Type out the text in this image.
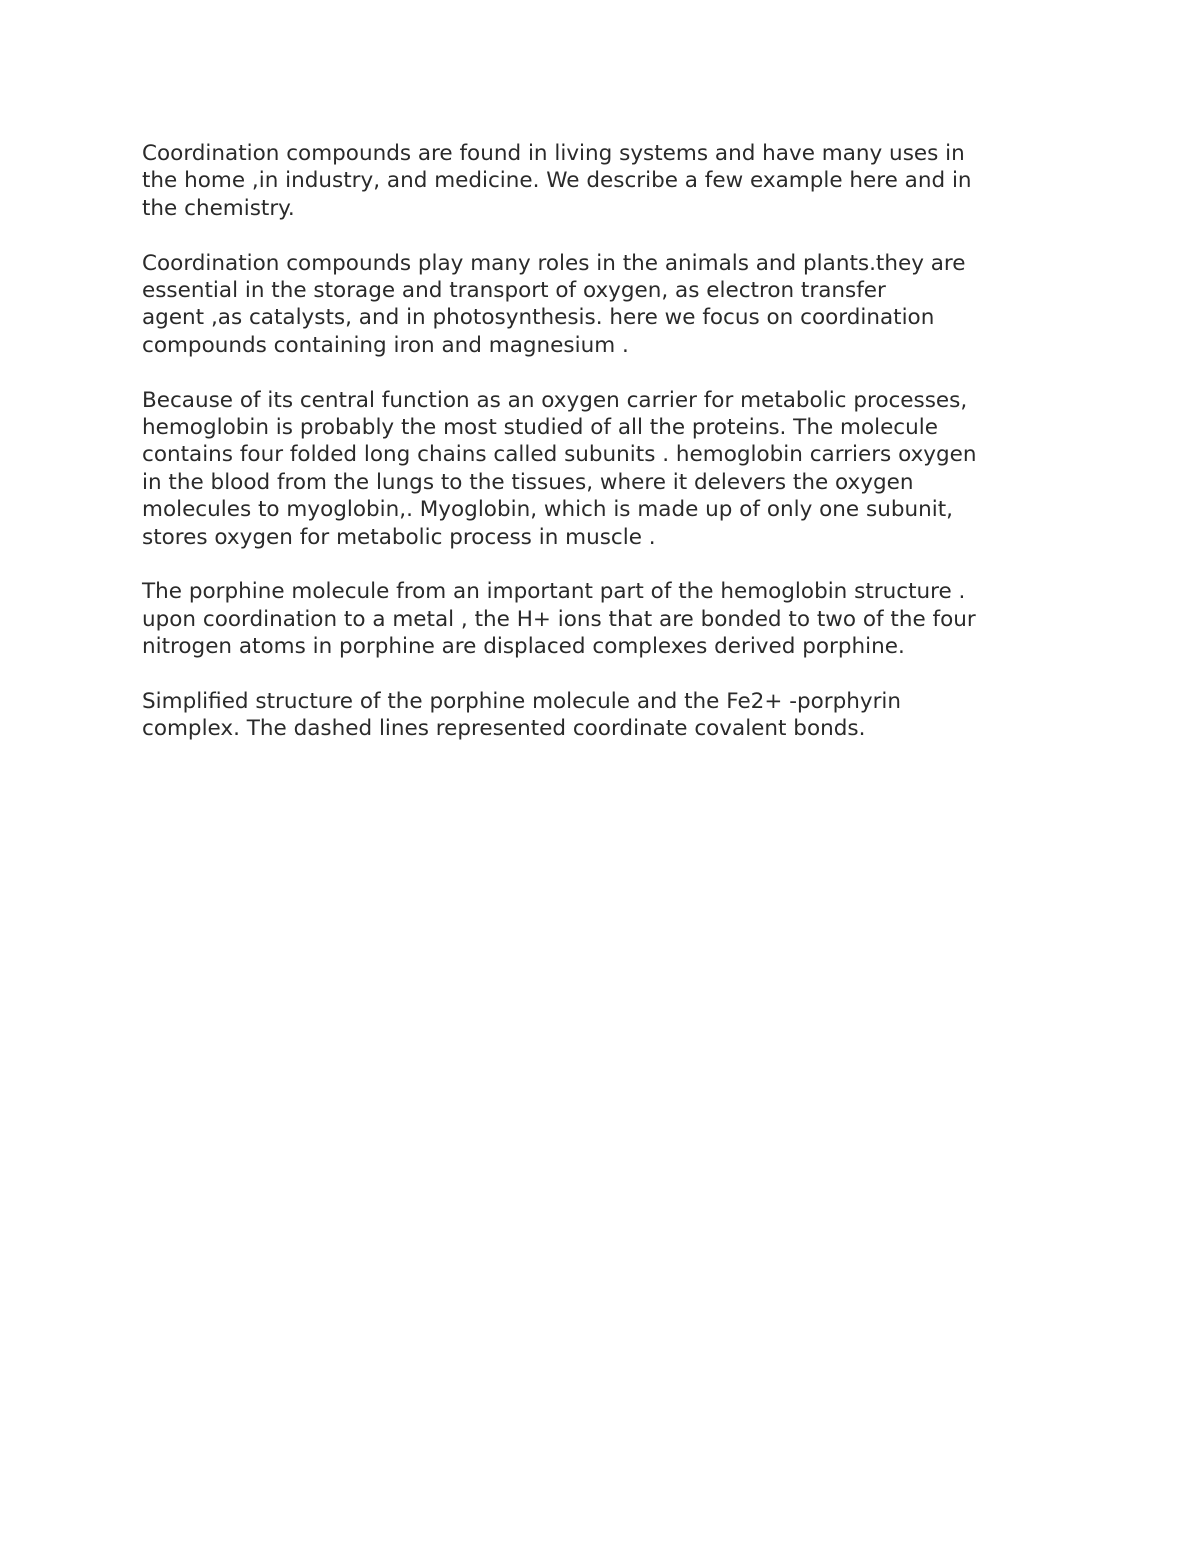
Coordination compounds are found in living systems and have many uses in
the home ,in industry, and medicine. We describe a few example here and in
the chemistry.

Coordination compounds play many roles in the animals and plants.they are
essential in the storage and transport of oxygen, as electron transfer
agent ,as catalysts, and in photosynthesis. here we focus on coordination
compounds containing iron and magnesium .

Because of its central function as an oxygen carrier for metabolic processes,
hemoglobin is probably the most studied of all the proteins. The molecule
contains four folded long chains called subunits . hemoglobin carriers oxygen
in the blood from the lungs to the tissues, where it delevers the oxygen
molecules to myoglobin,. Myoglobin, which is made up of only one subunit,
stores oxygen for metabolic process in muscle .

The porphine molecule from an important part of the hemoglobin structure .
upon coordination to a metal , the H+ ions that are bonded to two of the four
nitrogen atoms in porphine are displaced complexes derived porphine.

Simplified structure of the porphine molecule and the Fe2+ -porphyrin
complex. The dashed lines represented coordinate covalent bonds.
